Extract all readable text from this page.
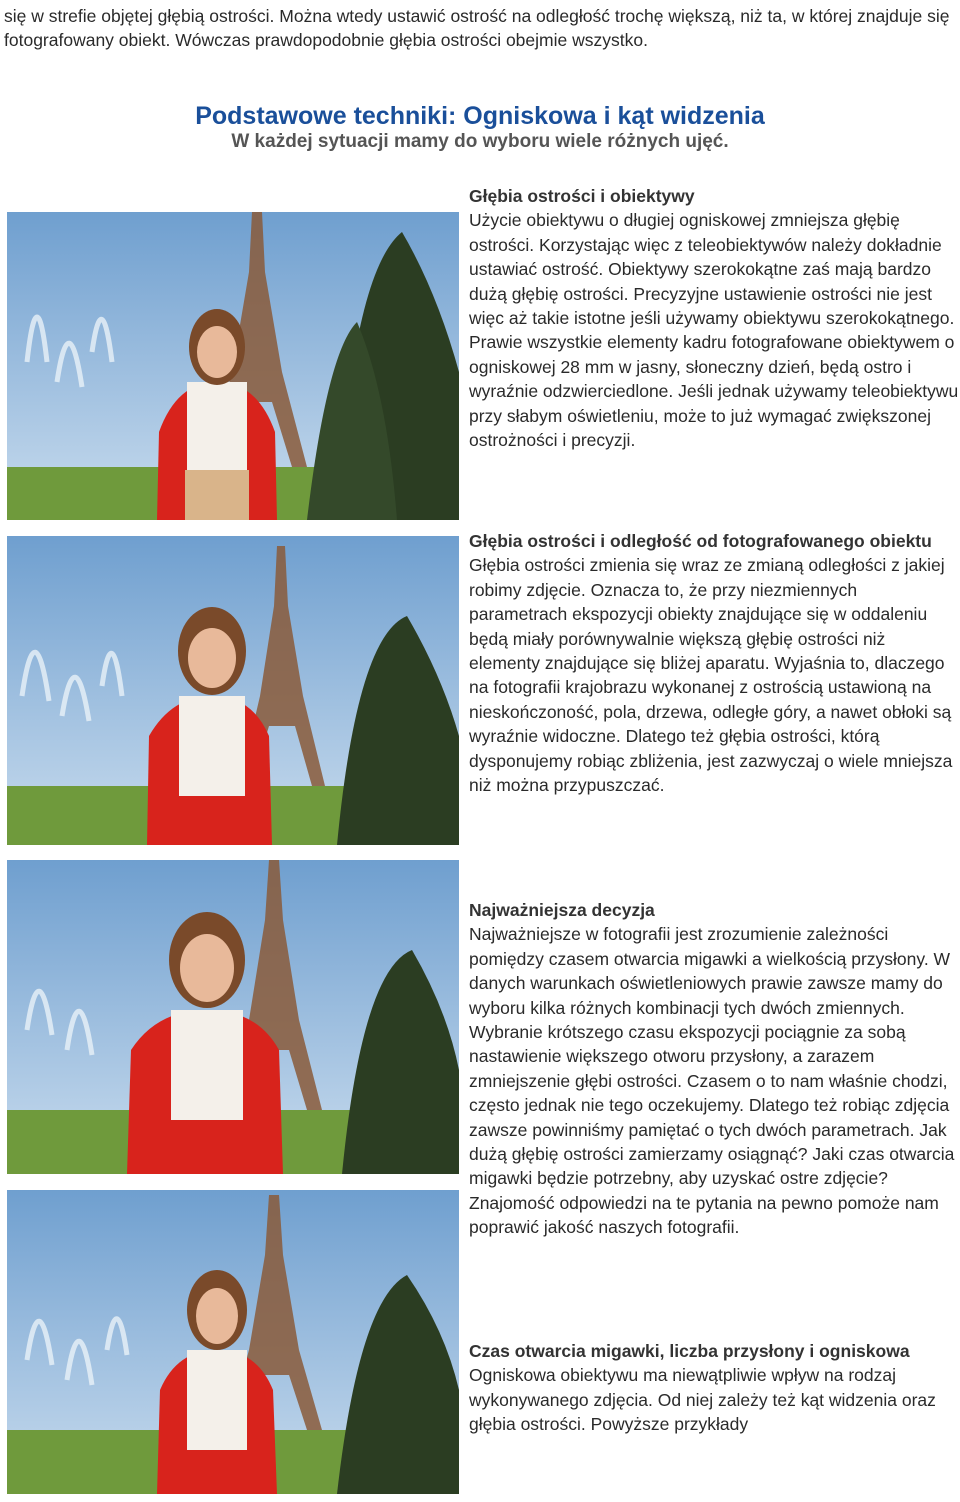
się w strefie objętej głębią ostrości. Można wtedy ustawić ostrość na odległość trochę większą, niż ta, w której znajduje się fotografowany obiekt. Wówczas prawdopodobnie głębia ostrości obejmie wszystko.
Podstawowe techniki: Ogniskowa i kąt widzenia
W każdej sytuacji mamy do wyboru wiele różnych ujęć.
Głębia ostrości i obiektywy

Użycie obiektywu o długiej ogniskowej zmniejsza głębię ostrości. Korzystając więc z teleobiektywów należy dokładnie ustawiać ostrość. Obiektywy szerokokątne zaś mają bardzo dużą głębię ostrości. Precyzyjne ustawienie ostrości nie jest więc aż takie istotne jeśli używamy obiektywu szerokokątnego. Prawie wszystkie elementy kadru fotografowane obiektywem o ogniskowej 28 mm w jasny, słoneczny dzień, będą ostro i wyraźnie odzwierciedlone. Jeśli jednak używamy teleobiektywu przy słabym oświetleniu, może to już wymagać zwiększonej ostrożności i precyzji.

Głębia ostrości i odległość od fotografowanego obiektu

Głębia ostrości zmienia się wraz ze zmianą odległości z jakiej robimy zdjęcie. Oznacza to, że przy niezmiennych parametrach ekspozycji obiekty znajdujące się w oddaleniu będą miały porównywalnie większą głębię ostrości niż elementy znajdujące się bliżej aparatu. Wyjaśnia to, dlaczego na fotografii krajobrazu wykonanej z ostrością ustawioną na nieskończoność, pola, drzewa, odległe góry, a nawet obłoki są wyraźnie widoczne. Dlatego też głębia ostrości, którą dysponujemy robiąc zbliżenia, jest zazwyczaj o wiele mniejsza niż można przypuszczać.

Najważniejsza decyzja

Najważniejsze w fotografii jest zrozumienie zależności pomiędzy czasem otwarcia migawki a wielkością przysłony. W danych warunkach oświetleniowych prawie zawsze mamy do wyboru kilka różnych kombinacji tych dwóch zmiennych. Wybranie krótszego czasu ekspozycji pociągnie za sobą nastawienie większego otworu przysłony, a zarazem zmniejszenie głębi ostrości. Czasem o to nam właśnie chodzi, często jednak nie tego oczekujemy. Dlatego też robiąc zdjęcia zawsze powinniśmy pamiętać o tych dwóch parametrach. Jak dużą głębię ostrości zamierzamy osiągnąć? Jaki czas otwarcia migawki będzie potrzebny, aby uzyskać ostre zdjęcie? Znajomość odpowiedzi na te pytania na pewno pomoże nam poprawić jakość naszych fotografii.

Czas otwarcia migawki, liczba przysłony i ogniskowa

Ogniskowa obiektywu ma niewątpliwie wpływ na rodzaj wykonywanego zdjęcia. Od niej zależy też kąt widzenia oraz głębia ostrości. Powyższe przykłady
